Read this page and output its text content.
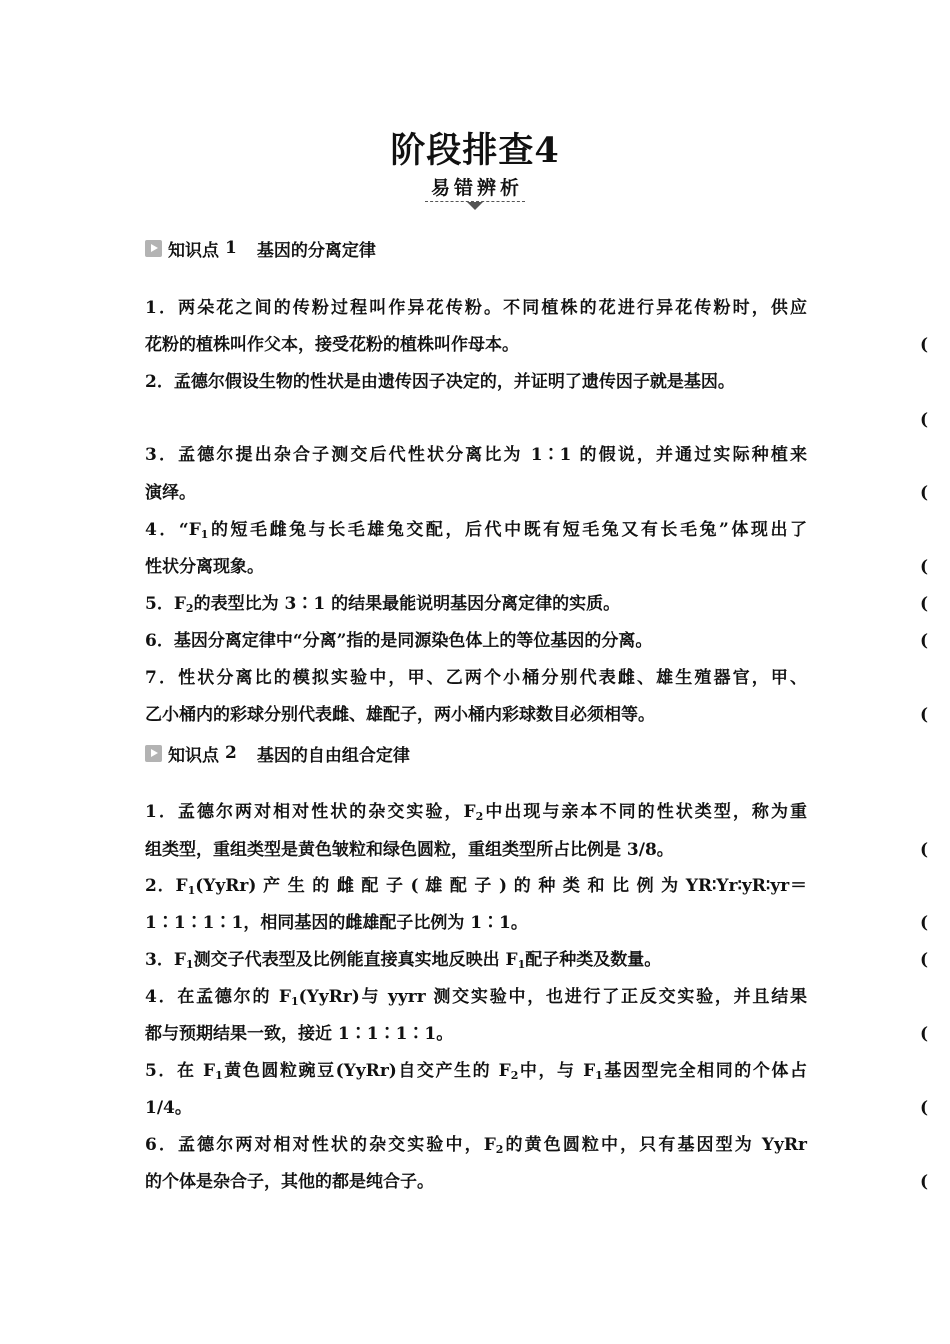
阶段排查4
易错辨析
知识点 1 基因的分离定律
1．两朵花之间的传粉过程叫作异花传粉。不同植株的花进行异花传粉时，供应
花粉的植株叫作父本，接受花粉的植株叫作母本。	(
2．孟德尔假设生物的性状是由遗传因子决定的，并证明了遗传因子就是基因。
(
3．孟德尔提出杂合子测交后代性状分离比为 1∶1 的假说，并通过实际种植来
演绎。	(
4．“$F_1$的短毛雌兔与长毛雄兔交配，后代中既有短毛兔又有长毛兔”体现出了
性状分离现象。	(
5．$F_2$的表型比为 3∶1 的结果最能说明基因分离定律的实质。	(
6．基因分离定律中“分离”指的是同源染色体上的等位基因的分离。	(
7．性状分离比的模拟实验中，甲、乙两个小桶分别代表雌、雄生殖器官，甲、
乙小桶内的彩球分别代表雌、雄配子，两小桶内彩球数目必须相等。	(
知识点 2 基因的自由组合定律
1．孟德尔两对相对性状的杂交实验，$F_2$中出现与亲本不同的性状类型，称为重
组类型，重组类型是黄色皱粒和绿色圆粒，重组类型所占比例是 3/8。	(
2．$F_1(YyRr)$ 产 生 的 雌 配 子 ( 雄 配 子 ) 的 种 类 和 比 例 为 YR∶Yr∶yR∶yr＝
1∶1∶1∶1，相同基因的雌雄配子比例为 1∶1。	(
3．$F_1$测交子代表型及比例能直接真实地反映出 $F_1$配子种类及数量。	(
4．在孟德尔的 $F_1(YyRr)$与 yyrr 测交实验中，也进行了正反交实验，并且结果
都与预期结果一致，接近 1∶1∶1∶1。	(
5．在 $F_1$黄色圆粒豌豆(YyRr)自交产生的 $F_2$中，与 $F_1$基因型完全相同的个体占
1/4。	(
6．孟德尔两对相对性状的杂交实验中，$F_2$的黄色圆粒中，只有基因型为 YyRr
的个体是杂合子，其他的都是纯合子。	(
